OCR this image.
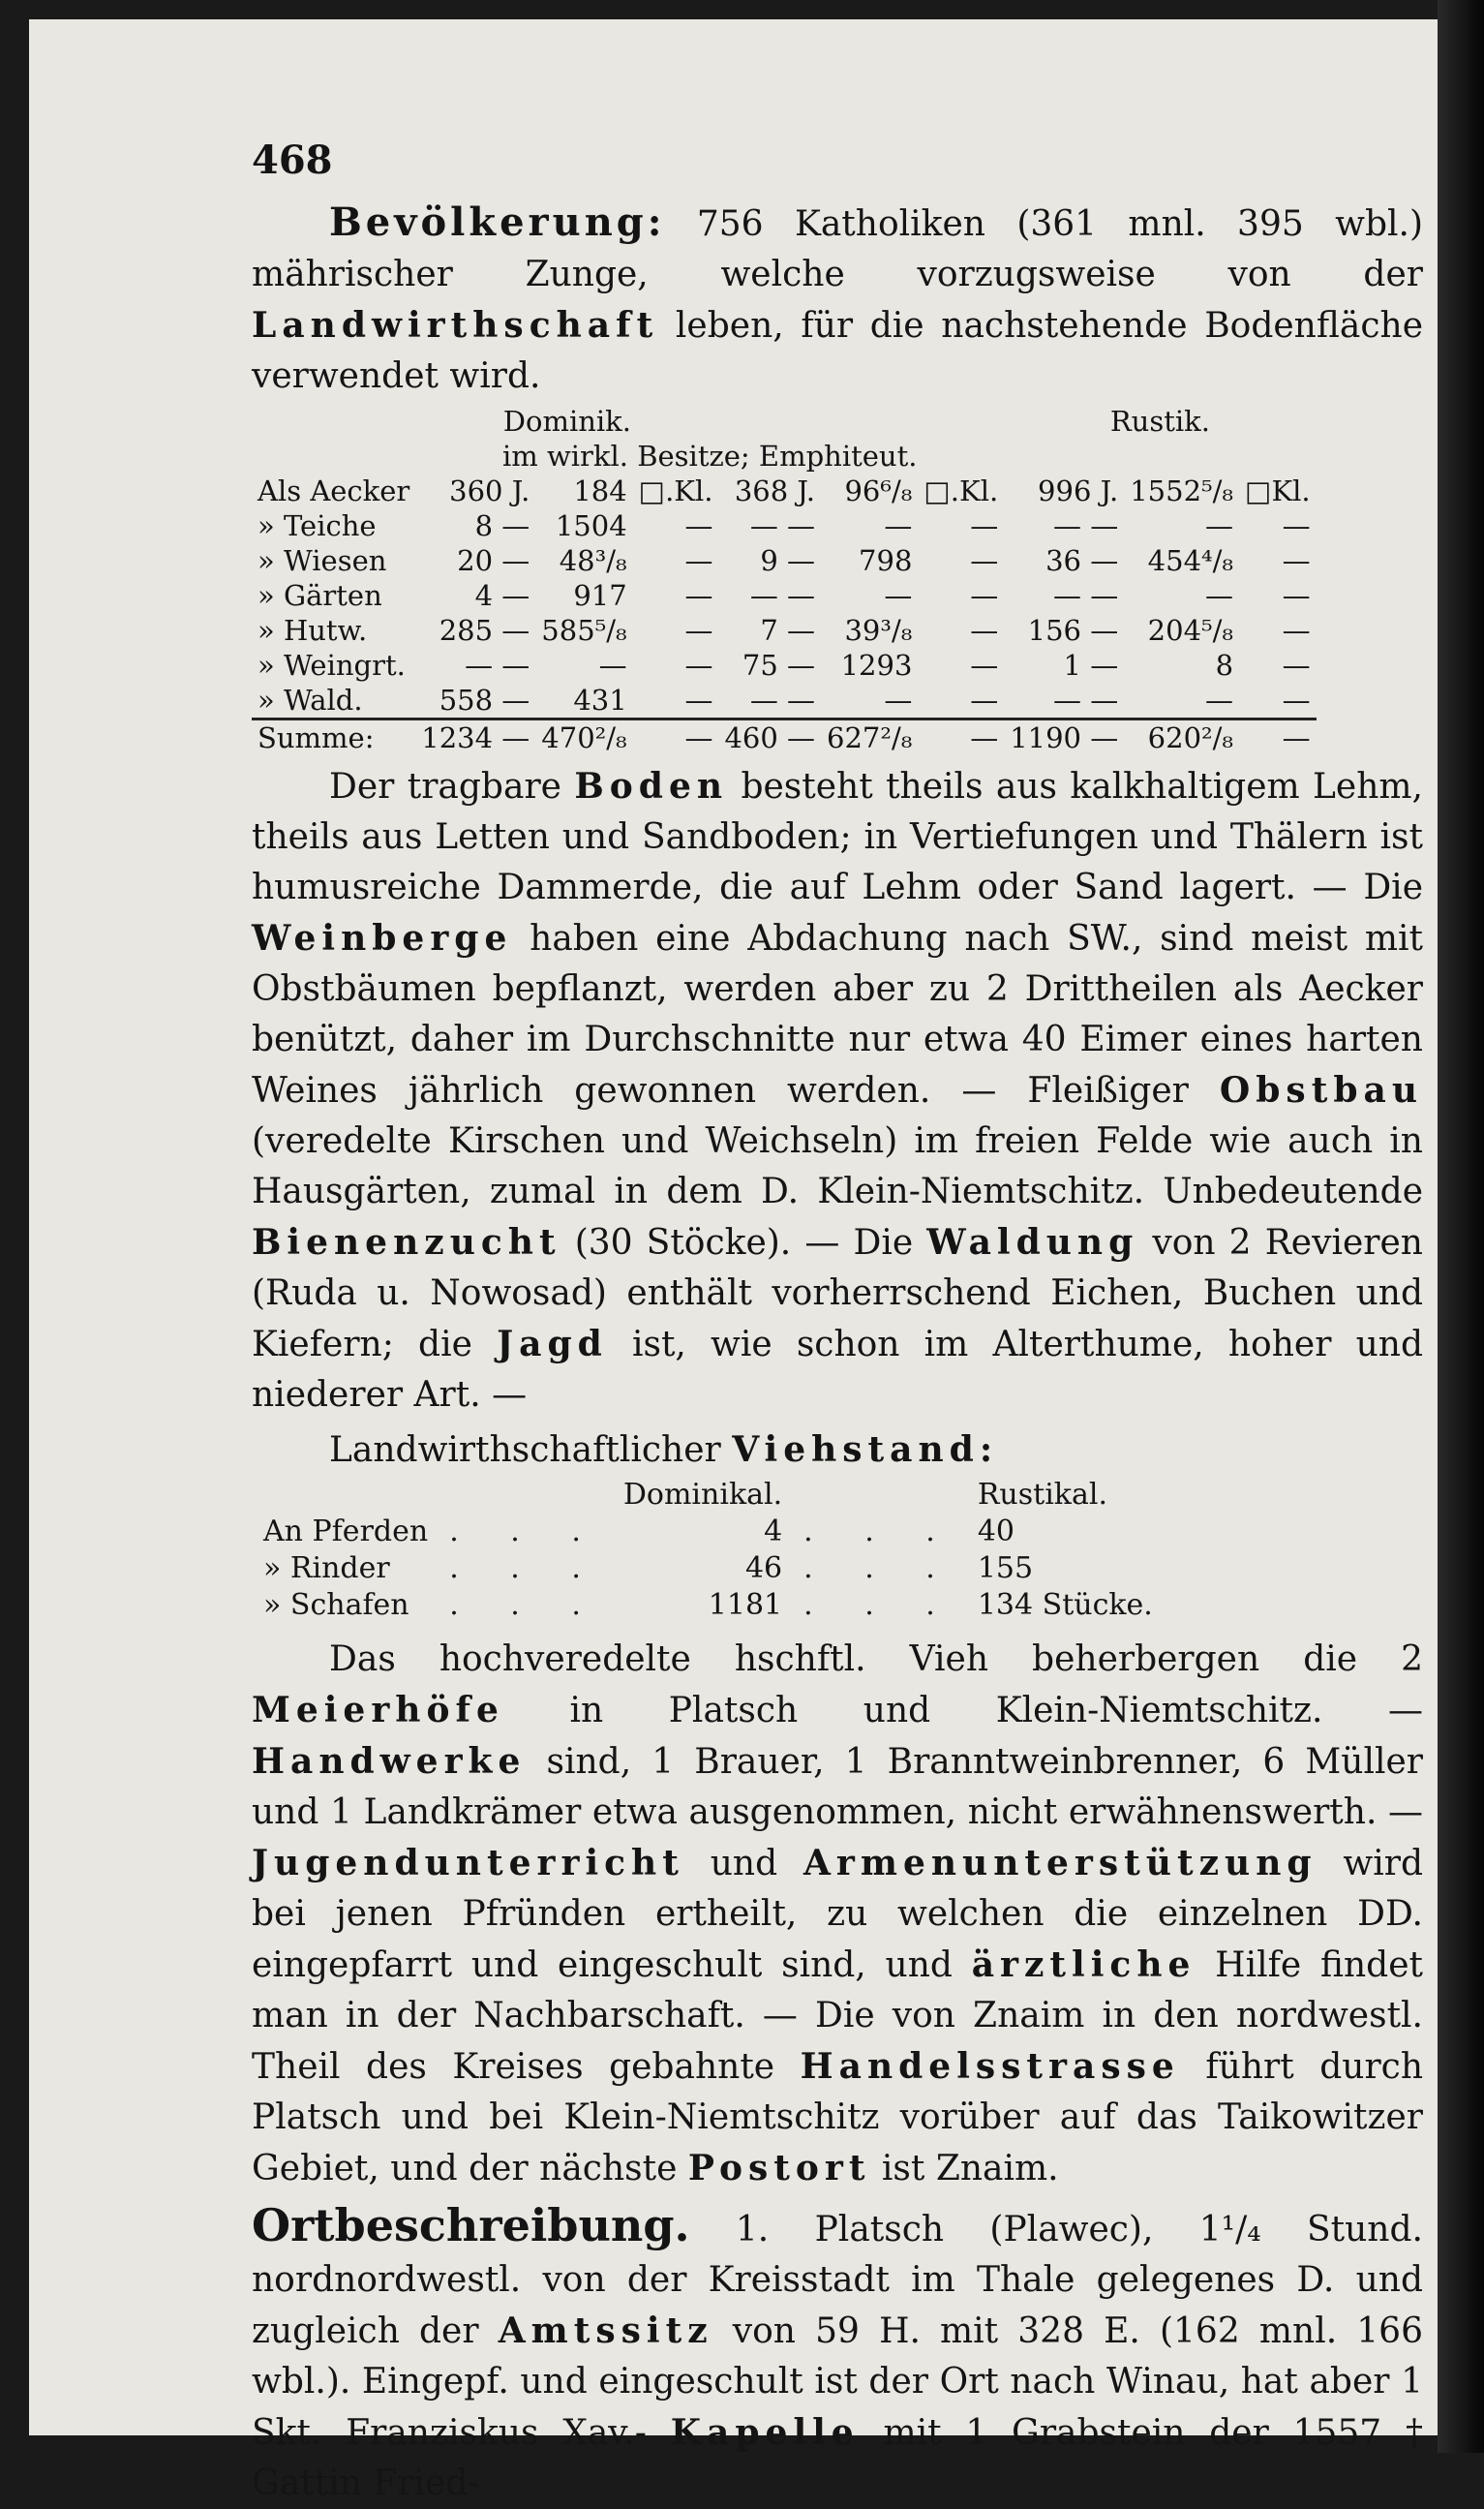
468

Bevölkerung: 756 Katholiken (361 mnl. 395 wbl.) mährischer Zunge, welche vorzugsweise von der Landwirthschaft leben, für die nachstehende Bodenfläche verwendet wird.

	Dominik.						Rustik.		
	im wirkl. Besitze; Emphiteut.								
Als Aecker	360 J.	184	□.Kl.	368 J.	96⁶/₈	□.Kl.	996 J.	1552⁵/₈	□Kl.
» Teiche	8 —	1504	—	— —	—	—	— —	—	—
» Wiesen	20 —	48³/₈	—	9 —	798	—	36 —	454⁴/₈	—
» Gärten	4 —	917	—	— —	—	—	— —	—	—
» Hutw.	285 —	585⁵/₈	—	7 —	39³/₈	—	156 —	204⁵/₈	—
» Weingrt.	— —	—	—	75 —	1293	—	1 —	8	—
» Wald.	558 —	431	—	— —	—	—	— —	—	—
Summe:	1234 —	470²/₈	—	460 —	627²/₈	—	1190 —	620²/₈	—

Der tragbare Boden besteht theils aus kalkhaltigem Lehm, theils aus Letten und Sandboden; in Vertiefungen und Thälern ist humusreiche Dammerde, die auf Lehm oder Sand lagert. — Die Weinberge haben eine Abdachung nach SW., sind meist mit Obstbäumen bepflanzt, werden aber zu 2 Drittheilen als Aecker benützt, daher im Durchschnitte nur etwa 40 Eimer eines harten Weines jährlich gewonnen werden. — Fleißiger Obstbau (veredelte Kirschen und Weichseln) im freien Felde wie auch in Hausgärten, zumal in dem D. Klein-Niemtschitz. Unbedeutende Bienenzucht (30 Stöcke). — Die Waldung von 2 Revieren (Ruda u. Nowosad) enthält vorherrschend Eichen, Buchen und Kiefern; die Jagd ist, wie schon im Alterthume, hoher und niederer Art. —

Landwirthschaftlicher Viehstand:

		Dominikal.		Rustikal.
An Pferden	. . .	4	. . .	40
» Rinder	. . .	46	. . .	155
» Schafen	. . .	1181	. . .	134 Stücke.

Das hochveredelte hschftl. Vieh beherbergen die 2 Meierhöfe in Platsch und Klein-Niemtschitz. — Handwerke sind, 1 Brauer, 1 Branntweinbrenner, 6 Müller und 1 Landkrämer etwa ausgenommen, nicht erwähnenswerth. — Jugendunterricht und Armenunterstützung wird bei jenen Pfründen ertheilt, zu welchen die einzelnen DD. eingepfarrt und eingeschult sind, und ärztliche Hilfe findet man in der Nachbarschaft. — Die von Znaim in den nordwestl. Theil des Kreises gebahnte Handelsstrasse führt durch Platsch und bei Klein-Niemtschitz vorüber auf das Taikowitzer Gebiet, und der nächste Postort ist Znaim.

Ortbeschreibung. 1. Platsch (Plawec), 1¹/₄ Stund. nordnordwestl. von der Kreisstadt im Thale gelegenes D. und zugleich der Amtssitz von 59 H. mit 328 E. (162 mnl. 166 wbl.). Eingepf. und eingeschult ist der Ort nach Winau, hat aber 1 Skt. Franziskus Xav.- Kapelle mit 1 Grabstein der 1557 † Gattin Fried-
